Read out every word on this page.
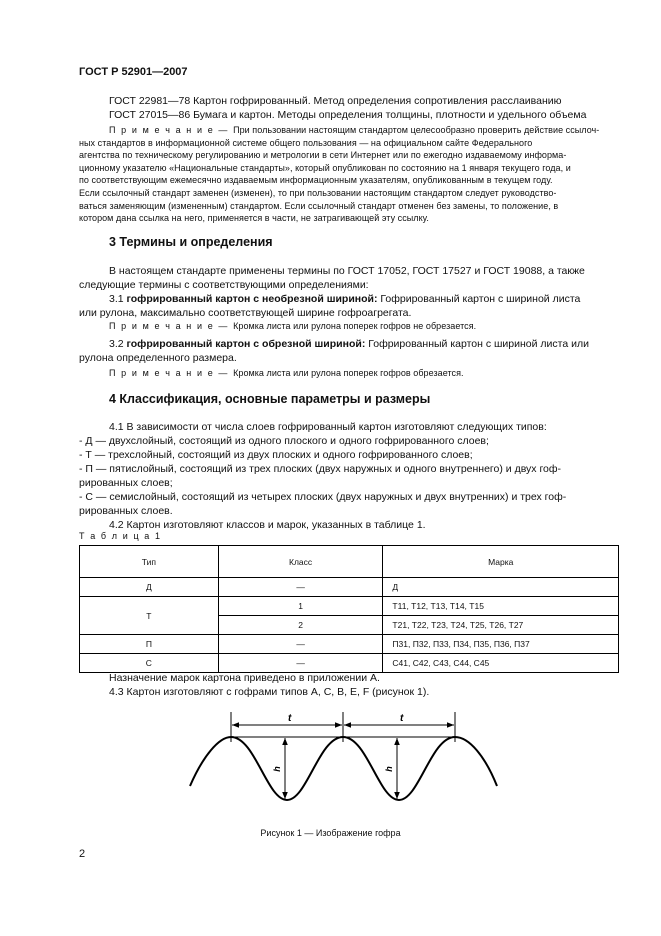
ГОСТ Р 52901—2007
ГОСТ 22981—78 Картон гофрированный. Метод определения сопротивления расслаиванию
ГОСТ 27015—86 Бумага и картон. Методы определения толщины, плотности и удельного объема
П р и м е ч а н и е — При пользовании настоящим стандартом целесообразно проверить действие ссылоч-
ных стандартов в информационной системе общего пользования — на официальном сайте Федерального
агентства по техническому регулированию и метрологии в сети Интернет или по ежегодно издаваемому информа-
ционному указателю «Национальные стандарты», который опубликован по состоянию на 1 января текущего года, и
по соответствующим ежемесячно издаваемым информационным указателям, опубликованным в текущем году.
Если ссылочный стандарт заменен (изменен), то при пользовании настоящим стандартом следует руководство-
ваться заменяющим (измененным) стандартом. Если ссылочный стандарт отменен без замены, то положение, в
котором дана ссылка на него, применяется в части, не затрагивающей эту ссылку.
3 Термины и определения
В настоящем стандарте применены термины по ГОСТ 17052, ГОСТ 17527 и ГОСТ 19088, а также
следующие термины с соответствующими определениями:
3.1 гофрированный картон с необрезной шириной: Гофрированный картон с шириной листа
или рулона, максимально соответствующей ширине гофроагрегата.
П р и м е ч а н и е — Кромка листа или рулона поперек гофров не обрезается.
3.2 гофрированный картон с обрезной шириной: Гофрированный картон с шириной листа или
рулона определенного размера.
П р и м е ч а н и е — Кромка листа или рулона поперек гофров обрезается.
4 Классификация, основные параметры и размеры
4.1 В зависимости от числа слоев гофрированный картон изготовляют следующих типов:
- Д — двухслойный, состоящий из одного плоского и одного гофрированного слоев;
- Т — трехслойный, состоящий из двух плоских и одного гофрированного слоев;
- П — пятислойный, состоящий из трех плоских (двух наружных и одного внутреннего) и двух гоф-
рированных слоев;
- С — семислойный, состоящий из четырех плоских (двух наружных и двух внутренних) и трех гоф-
рированных слоев.
4.2 Картон изготовляют классов и марок, указанных в таблице 1.
Т а б л и ц а 1
Тип	Класс	Марка
Д	—	Д
Т	1	Т11, Т12, Т13, Т14, Т15
	2	Т21, Т22, Т23, Т24, Т25, Т26, Т27
П	—	П31, П32, П33, П34, П35, П36, П37
С	—	С41, С42, С43, С44, С45
Назначение марок картона приведено в приложении А.
4.3 Картон изготовляют с гофрами типов А, С, В, Е, F (рисунок 1).
t	t
h	h
Рисунок 1 — Изображение гофра
2
